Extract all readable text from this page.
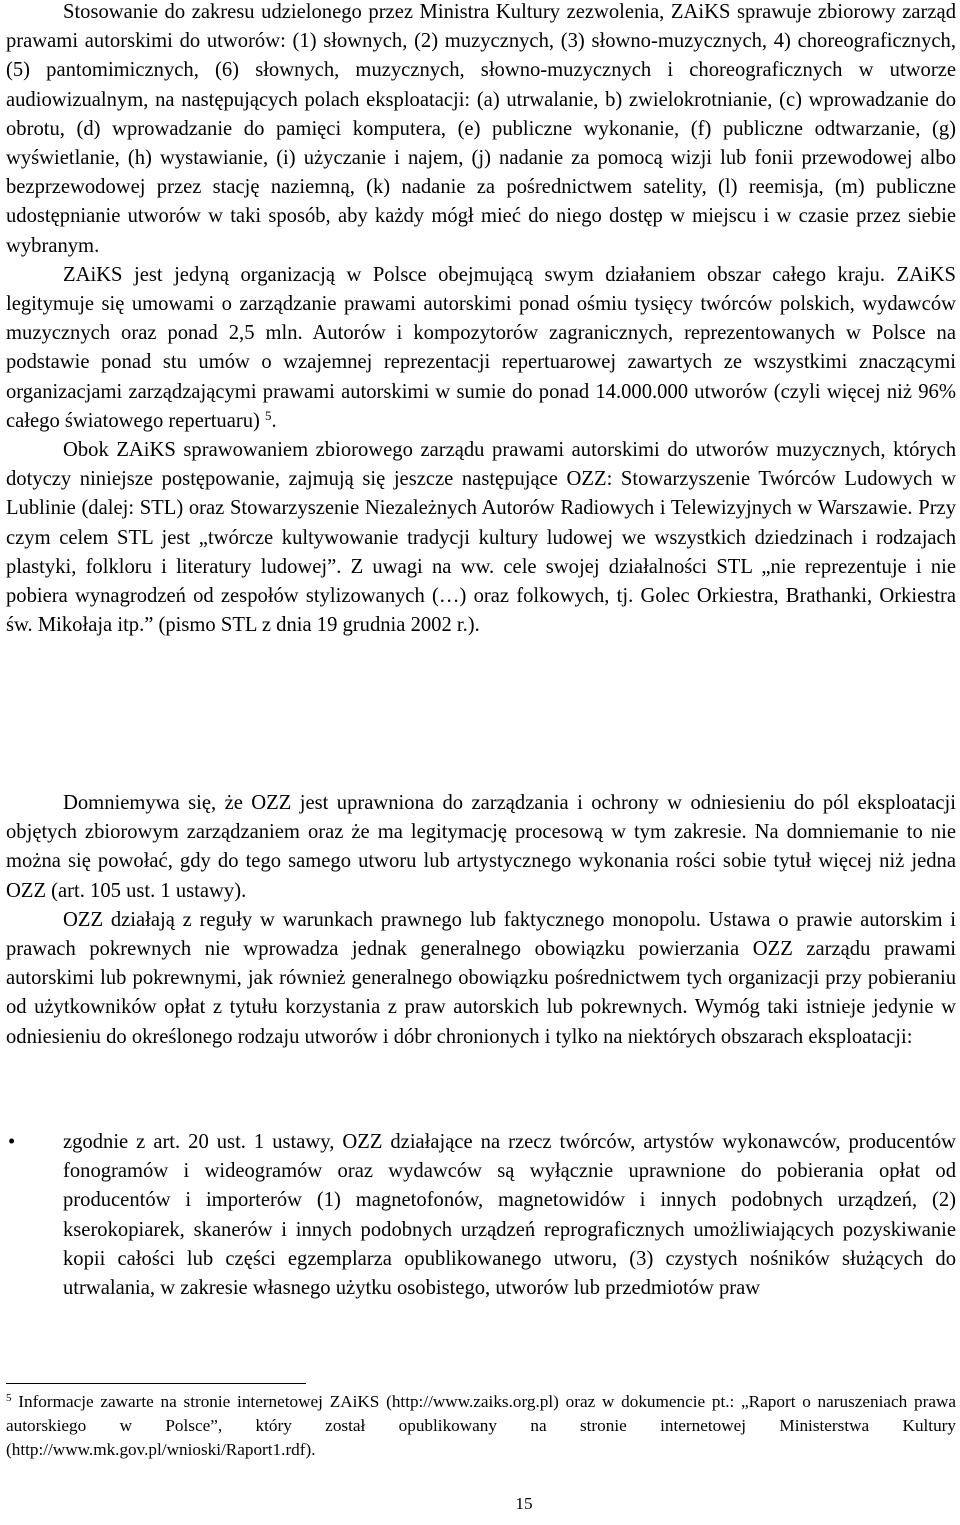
Stosowanie do zakresu udzielonego przez Ministra Kultury zezwolenia, ZAiKS sprawuje zbiorowy zarząd prawami autorskimi do utworów: (1) słownych, (2) muzycznych, (3) słowno-muzycznych, 4) choreograficznych, (5) pantomimicznych, (6) słownych, muzycznych, słowno-muzycznych i choreograficznych w utworze audiowizualnym, na następujących polach eksploatacji: (a) utrwalanie, b) zwielokrotnianie, (c) wprowadzanie do obrotu, (d) wprowadzanie do pamięci komputera, (e) publiczne wykonanie, (f) publiczne odtwarzanie, (g) wyświetlanie, (h) wystawianie, (i) użyczanie i najem, (j) nadanie za pomocą wizji lub fonii przewodowej albo bezprzewodowej przez stację naziemną, (k) nadanie za pośrednictwem satelity, (l) reemisja, (m) publiczne udostępnianie utworów w taki sposób, aby każdy mógł mieć do niego dostęp w miejscu i w czasie przez siebie wybranym.

ZAiKS jest jedyną organizacją w Polsce obejmującą swym działaniem obszar całego kraju. ZAiKS legitymuje się umowami o zarządzanie prawami autorskimi ponad ośmiu tysięcy twórców polskich, wydawców muzycznych oraz ponad 2,5 mln. Autorów i kompozytorów zagranicznych, reprezentowanych w Polsce na podstawie ponad stu umów o wzajemnej reprezentacji repertuarowej zawartych ze wszystkimi znaczącymi organizacjami zarządzającymi prawami autorskimi w sumie do ponad 14.000.000 utworów (czyli więcej niż 96% całego światowego repertuaru) $^5$.

Obok ZAiKS sprawowaniem zbiorowego zarządu prawami autorskimi do utworów muzycznych, których dotyczy niniejsze postępowanie, zajmują się jeszcze następujące OZZ: Stowarzyszenie Twórców Ludowych w Lublinie (dalej: STL) oraz Stowarzyszenie Niezależnych Autorów Radiowych i Telewizyjnych w Warszawie. Przy czym celem STL jest „twórcze kultywowanie tradycji kultury ludowej we wszystkich dziedzinach i rodzajach plastyki, folkloru i literatury ludowej”. Z uwagi na ww. cele swojej działalności STL „nie reprezentuje i nie pobiera wynagrodzeń od zespołów stylizowanych (…) oraz folkowych, tj. Golec Orkiestra, Brathanki, Orkiestra św. Mikołaja itp.” (pismo STL z dnia 19 grudnia 2002 r.).

Domniemywa się, że OZZ jest uprawniona do zarządzania i ochrony w odniesieniu do pól eksploatacji objętych zbiorowym zarządzaniem oraz że ma legitymację procesową w tym zakresie. Na domniemanie to nie można się powołać, gdy do tego samego utworu lub artystycznego wykonania rości sobie tytuł więcej niż jedna OZZ (art. 105 ust. 1 ustawy).

OZZ działają z reguły w warunkach prawnego lub faktycznego monopolu. Ustawa o prawie autorskim i prawach pokrewnych nie wprowadza jednak generalnego obowiązku powierzania OZZ zarządu prawami autorskimi lub pokrewnymi, jak również generalnego obowiązku pośrednictwem tych organizacji przy pobieraniu od użytkowników opłat z tytułu korzystania z praw autorskich lub pokrewnych. Wymóg taki istnieje jedynie w odniesieniu do określonego rodzaju utworów i dóbr chronionych i tylko na niektórych obszarach eksploatacji:

• zgodnie z art. 20 ust. 1 ustawy, OZZ działające na rzecz twórców, artystów wykonawców, producentów fonogramów i wideogramów oraz wydawców są wyłącznie uprawnione do pobierania opłat od producentów i importerów (1) magnetofonów, magnetowidów i innych podobnych urządzeń, (2) kserokopiarek, skanerów i innych podobnych urządzeń reprograficznych umożliwiających pozyskiwanie kopii całości lub części egzemplarza opublikowanego utworu, (3) czystych nośników służących do utrwalania, w zakresie własnego użytku osobistego, utworów lub przedmiotów praw

$^5$ Informacje zawarte na stronie internetowej ZAiKS (http://www.zaiks.org.pl) oraz w dokumencie pt.: „Raport o naruszeniach prawa autorskiego w Polsce”, który został opublikowany na stronie internetowej Ministerstwa Kultury (http://www.mk.gov.pl/wnioski/Raport1.rdf).

15
